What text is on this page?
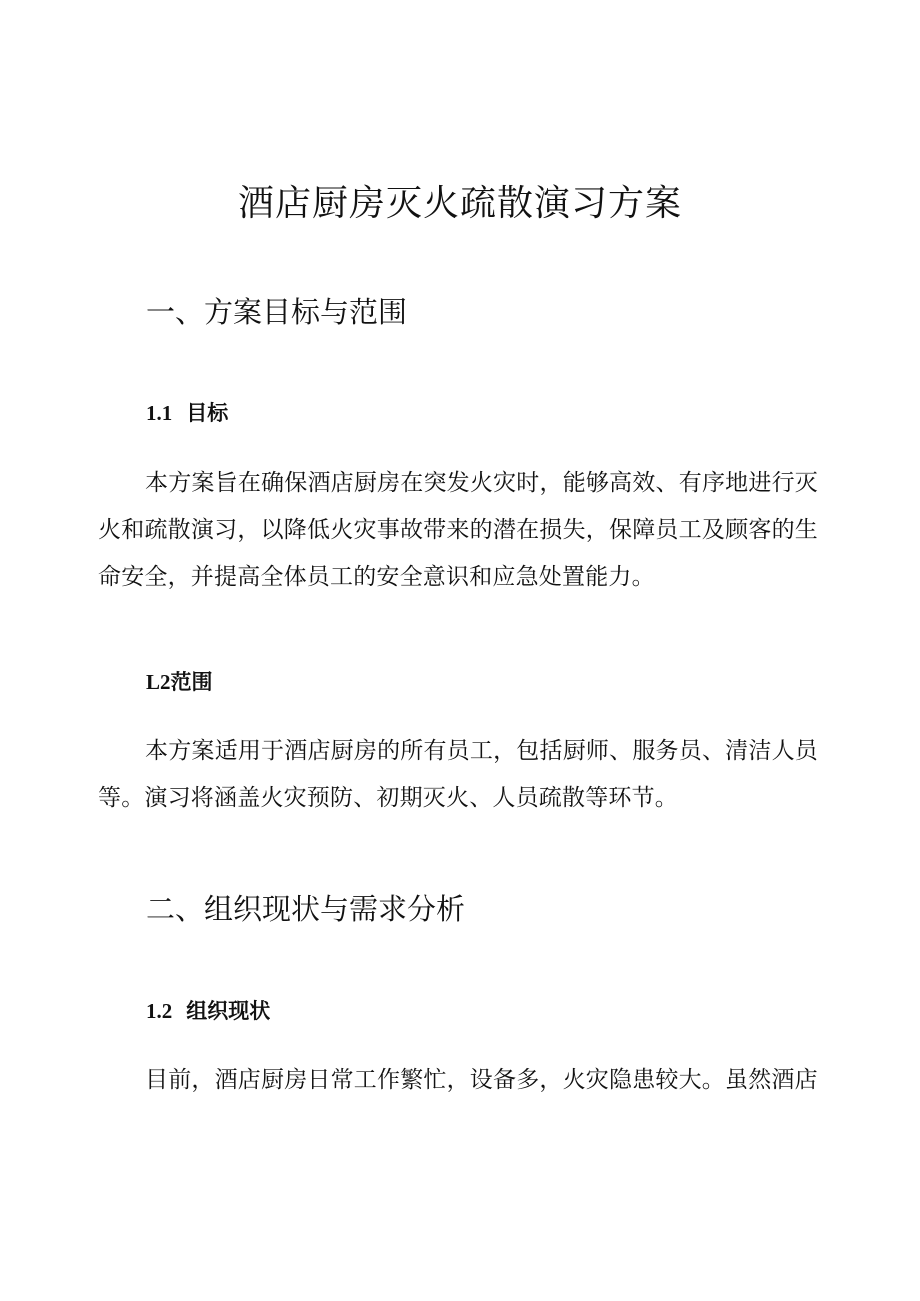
酒店厨房灭火疏散演习方案
一、方案目标与范围
1.1 目标

本方案旨在确保酒店厨房在突发火灾时，能够高效、有序地进行灭火和疏散演习，以降低火灾事故带来的潜在损失，保障员工及顾客的生命安全，并提高全体员工的安全意识和应急处置能力。

L2范围

本方案适用于酒店厨房的所有员工，包括厨师、服务员、清洁人员等。演习将涵盖火灾预防、初期灭火、人员疏散等环节。

二、组织现状与需求分析
1.2 组织现状

目前，酒店厨房日常工作繁忙，设备多，火灾隐患较大。虽然酒店
